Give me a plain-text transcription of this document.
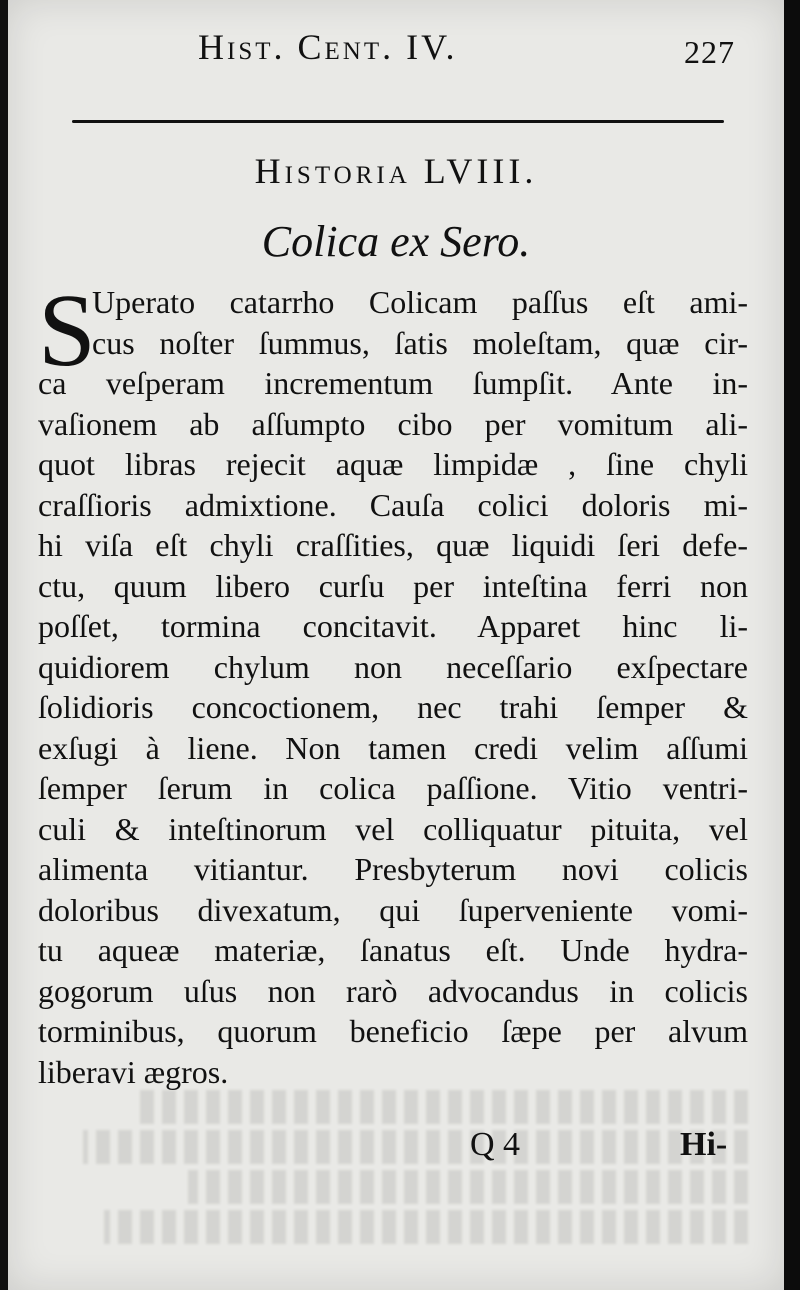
Hist. Cent. IV.	227
Historia LVIII.
Colica ex Sero.
S
Uperato catarrho Colicam paſſus eſt ami-
cus noſter ſummus, ſatis moleſtam, quæ cir-
ca veſperam incrementum ſumpſit. Ante in-
vaſionem ab aſſumpto cibo per vomitum ali-
quot libras rejecit aquæ limpidæ , ſine chyli
craſſioris admixtione. Cauſa colici doloris mi-
hi viſa eſt chyli craſſities, quæ liquidi ſeri defe-
ctu, quum libero curſu per inteſtina ferri non
poſſet, tormina concitavit. Apparet hinc li-
quidiorem chylum non neceſſario exſpectare
ſolidioris concoctionem, nec trahi ſemper &
exſugi à liene. Non tamen credi velim aſſumi
ſemper ſerum in colica paſſione. Vitio ventri-
culi & inteſtinorum vel colliquatur pituita, vel
alimenta vitiantur. Presbyterum novi colicis
doloribus divexatum, qui ſuperveniente vomi-
tu aqueæ materiæ, ſanatus eſt. Unde hydra-
gogorum uſus non rarò advocandus in colicis
torminibus, quorum beneficio ſæpe per alvum
liberavi ægros.
Q 4	Hi-
